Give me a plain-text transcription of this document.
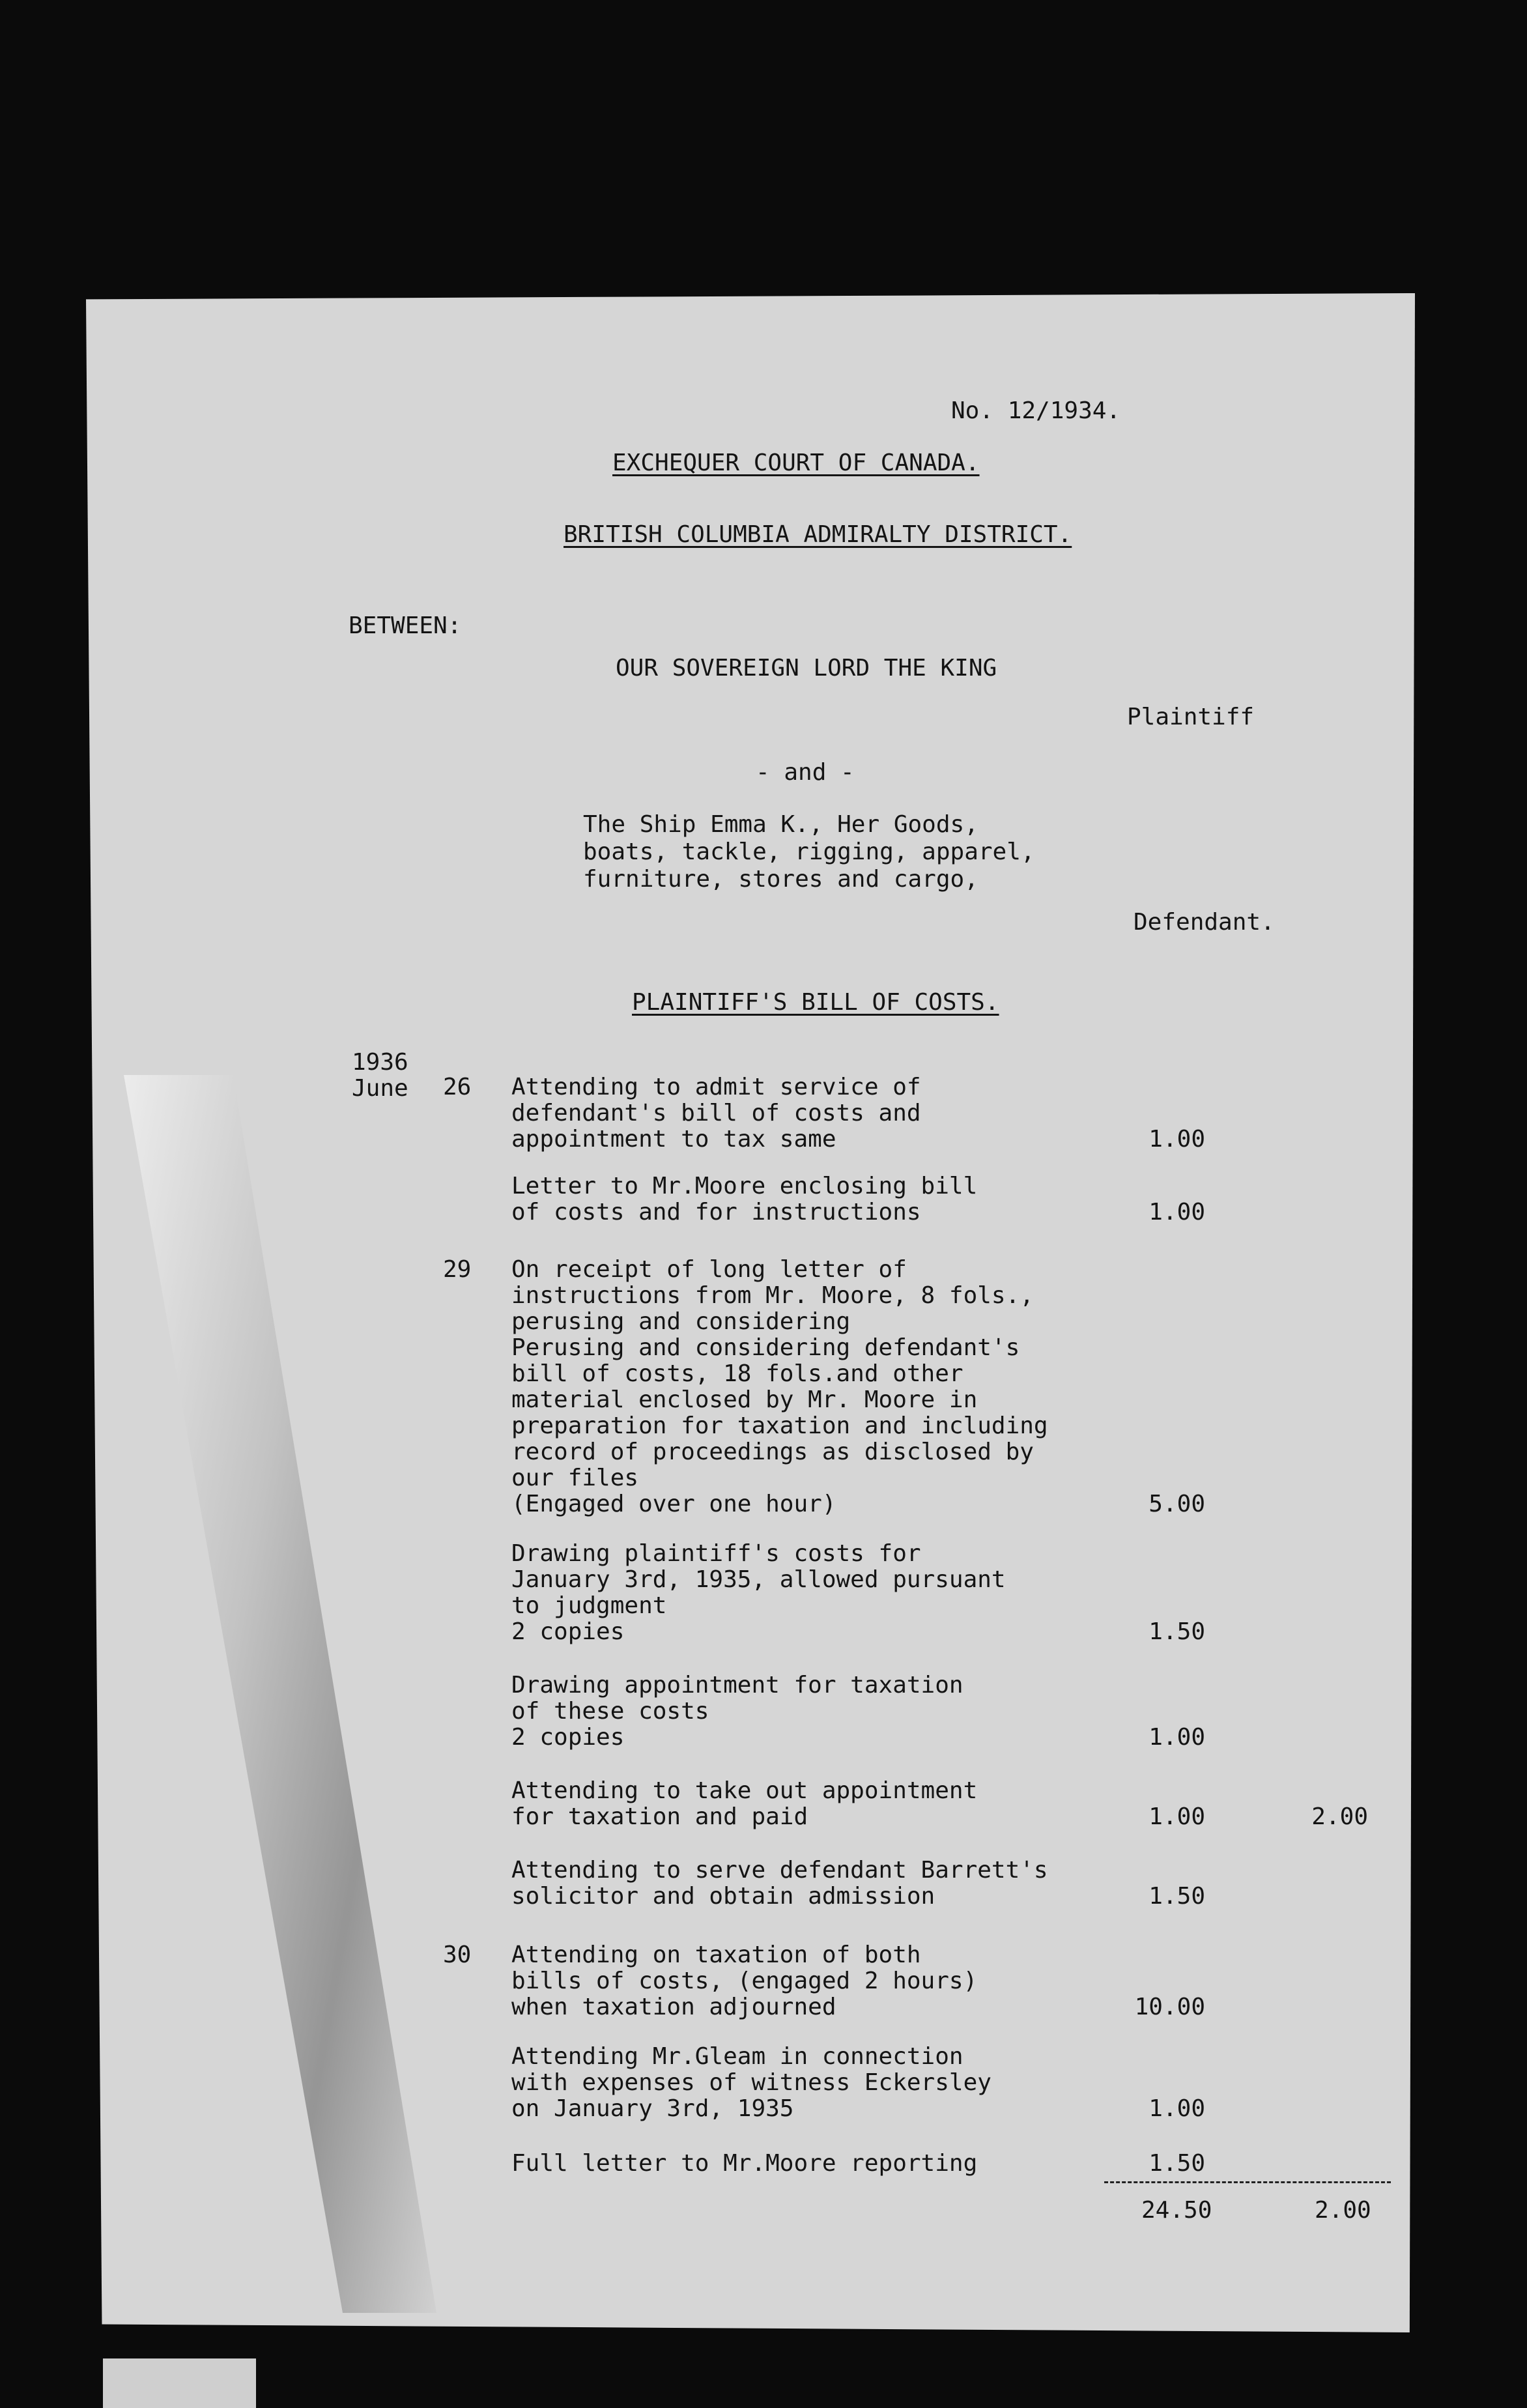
No. 12/1934.
EXCHEQUER COURT OF CANADA.
BRITISH COLUMBIA ADMIRALTY DISTRICT.
BETWEEN:
OUR SOVEREIGN LORD THE KING
Plaintiff
- and -
The Ship Emma K., Her Goods,
boats, tackle, rigging, apparel,
furniture, stores and cargo,
Defendant.
PLAINTIFF'S BILL OF COSTS.
1936
June 26 Attending to admit service of
defendant's bill of costs and
appointment to tax same	1.00
Letter to Mr.Moore enclosing bill
of costs and for instructions	1.00
29 On receipt of long letter of
instructions from Mr. Moore, 8 fols.,
perusing and considering
Perusing and considering defendant's
bill of costs, 18 fols.and other
material enclosed by Mr. Moore in
preparation for taxation and including
record of proceedings as disclosed by
our files
(Engaged over one hour)	5.00
Drawing plaintiff's costs for
January 3rd, 1935, allowed pursuant
to judgment
2 copies	1.50
Drawing appointment for taxation
of these costs
2 copies	1.00
Attending to take out appointment
for taxation and paid	1.00	2.00
Attending to serve defendant Barrett's
solicitor and obtain admission	1.50
30 Attending on taxation of both
bills of costs, (engaged 2 hours)
when taxation adjourned	10.00
Attending Mr.Gleam in connection
with expenses of witness Eckersley
on January 3rd, 1935	1.00
Full letter to Mr.Moore reporting	1.50
24.50	2.00
